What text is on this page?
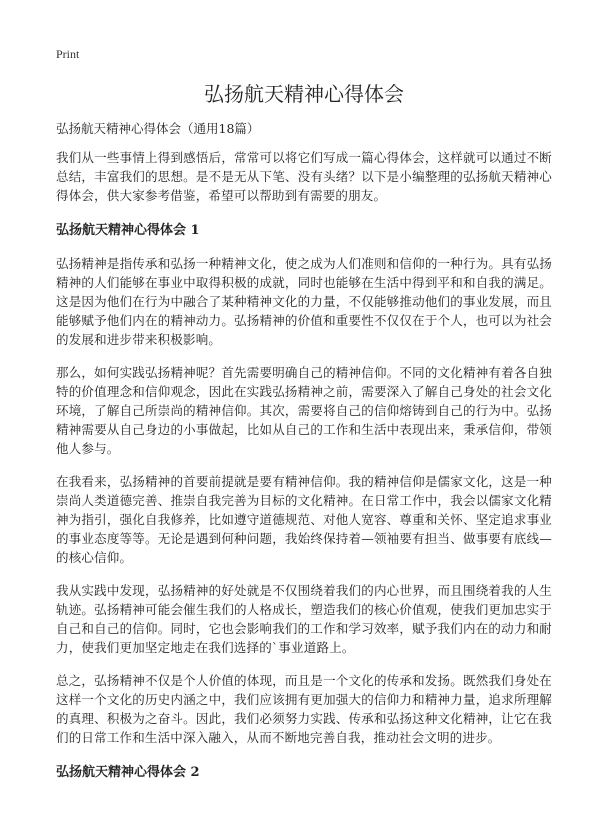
Print
弘扬航天精神心得体会

弘扬航天精神心得体会（通用18篇）

我们从一些事情上得到感悟后，常常可以将它们写成一篇心得体会，这样就可以通过不断总结，丰富我们的思想。是不是无从下笔、没有头绪？以下是小编整理的弘扬航天精神心得体会，供大家参考借鉴，希望可以帮助到有需要的朋友。

弘扬航天精神心得体会 1

弘扬精神是指传承和弘扬一种精神文化，使之成为人们准则和信仰的一种行为。具有弘扬精神的人们能够在事业中取得积极的成就，同时也能够在生活中得到平和和自我的满足。这是因为他们在行为中融合了某种精神文化的力量，不仅能够推动他们的事业发展，而且能够赋予他们内在的精神动力。弘扬精神的价值和重要性不仅仅在于个人，也可以为社会的发展和进步带来积极影响。

那么，如何实践弘扬精神呢？首先需要明确自己的精神信仰。不同的文化精神有着各自独特的价值理念和信仰观念，因此在实践弘扬精神之前，需要深入了解自己身处的社会文化环境，了解自己所崇尚的精神信仰。其次，需要将自己的信仰熔铸到自己的行为中。弘扬精神需要从自己身边的小事做起，比如从自己的工作和生活中表现出来，秉承信仰，带领他人参与。

在我看来，弘扬精神的首要前提就是要有精神信仰。我的精神信仰是儒家文化，这是一种崇尚人类道德完善、推崇自我完善为目标的文化精神。在日常工作中，我会以儒家文化精神为指引，强化自我修养，比如遵守道德规范、对他人宽容、尊重和关怀、坚定追求事业的事业态度等等。无论是遇到何种问题，我始终保持着—领袖要有担当、做事要有底线—的核心信仰。

我从实践中发现，弘扬精神的好处就是不仅围绕着我们的内心世界，而且围绕着我的人生轨迹。弘扬精神可能会催生我们的人格成长，塑造我们的核心价值观，使我们更加忠实于自己和自己的信仰。同时，它也会影响我们的工作和学习效率，赋予我们内在的动力和耐力，使我们更加坚定地走在我们选择的`事业道路上。

总之，弘扬精神不仅是个人价值的体现，而且是一个文化的传承和发扬。既然我们身处在这样一个文化的历史内涵之中，我们应该拥有更加强大的信仰力和精神力量，追求所理解的真理、积极为之奋斗。因此，我们必须努力实践、传承和弘扬这种文化精神，让它在我们的日常工作和生活中深入融入，从而不断地完善自我，推动社会文明的进步。

弘扬航天精神心得体会 2
